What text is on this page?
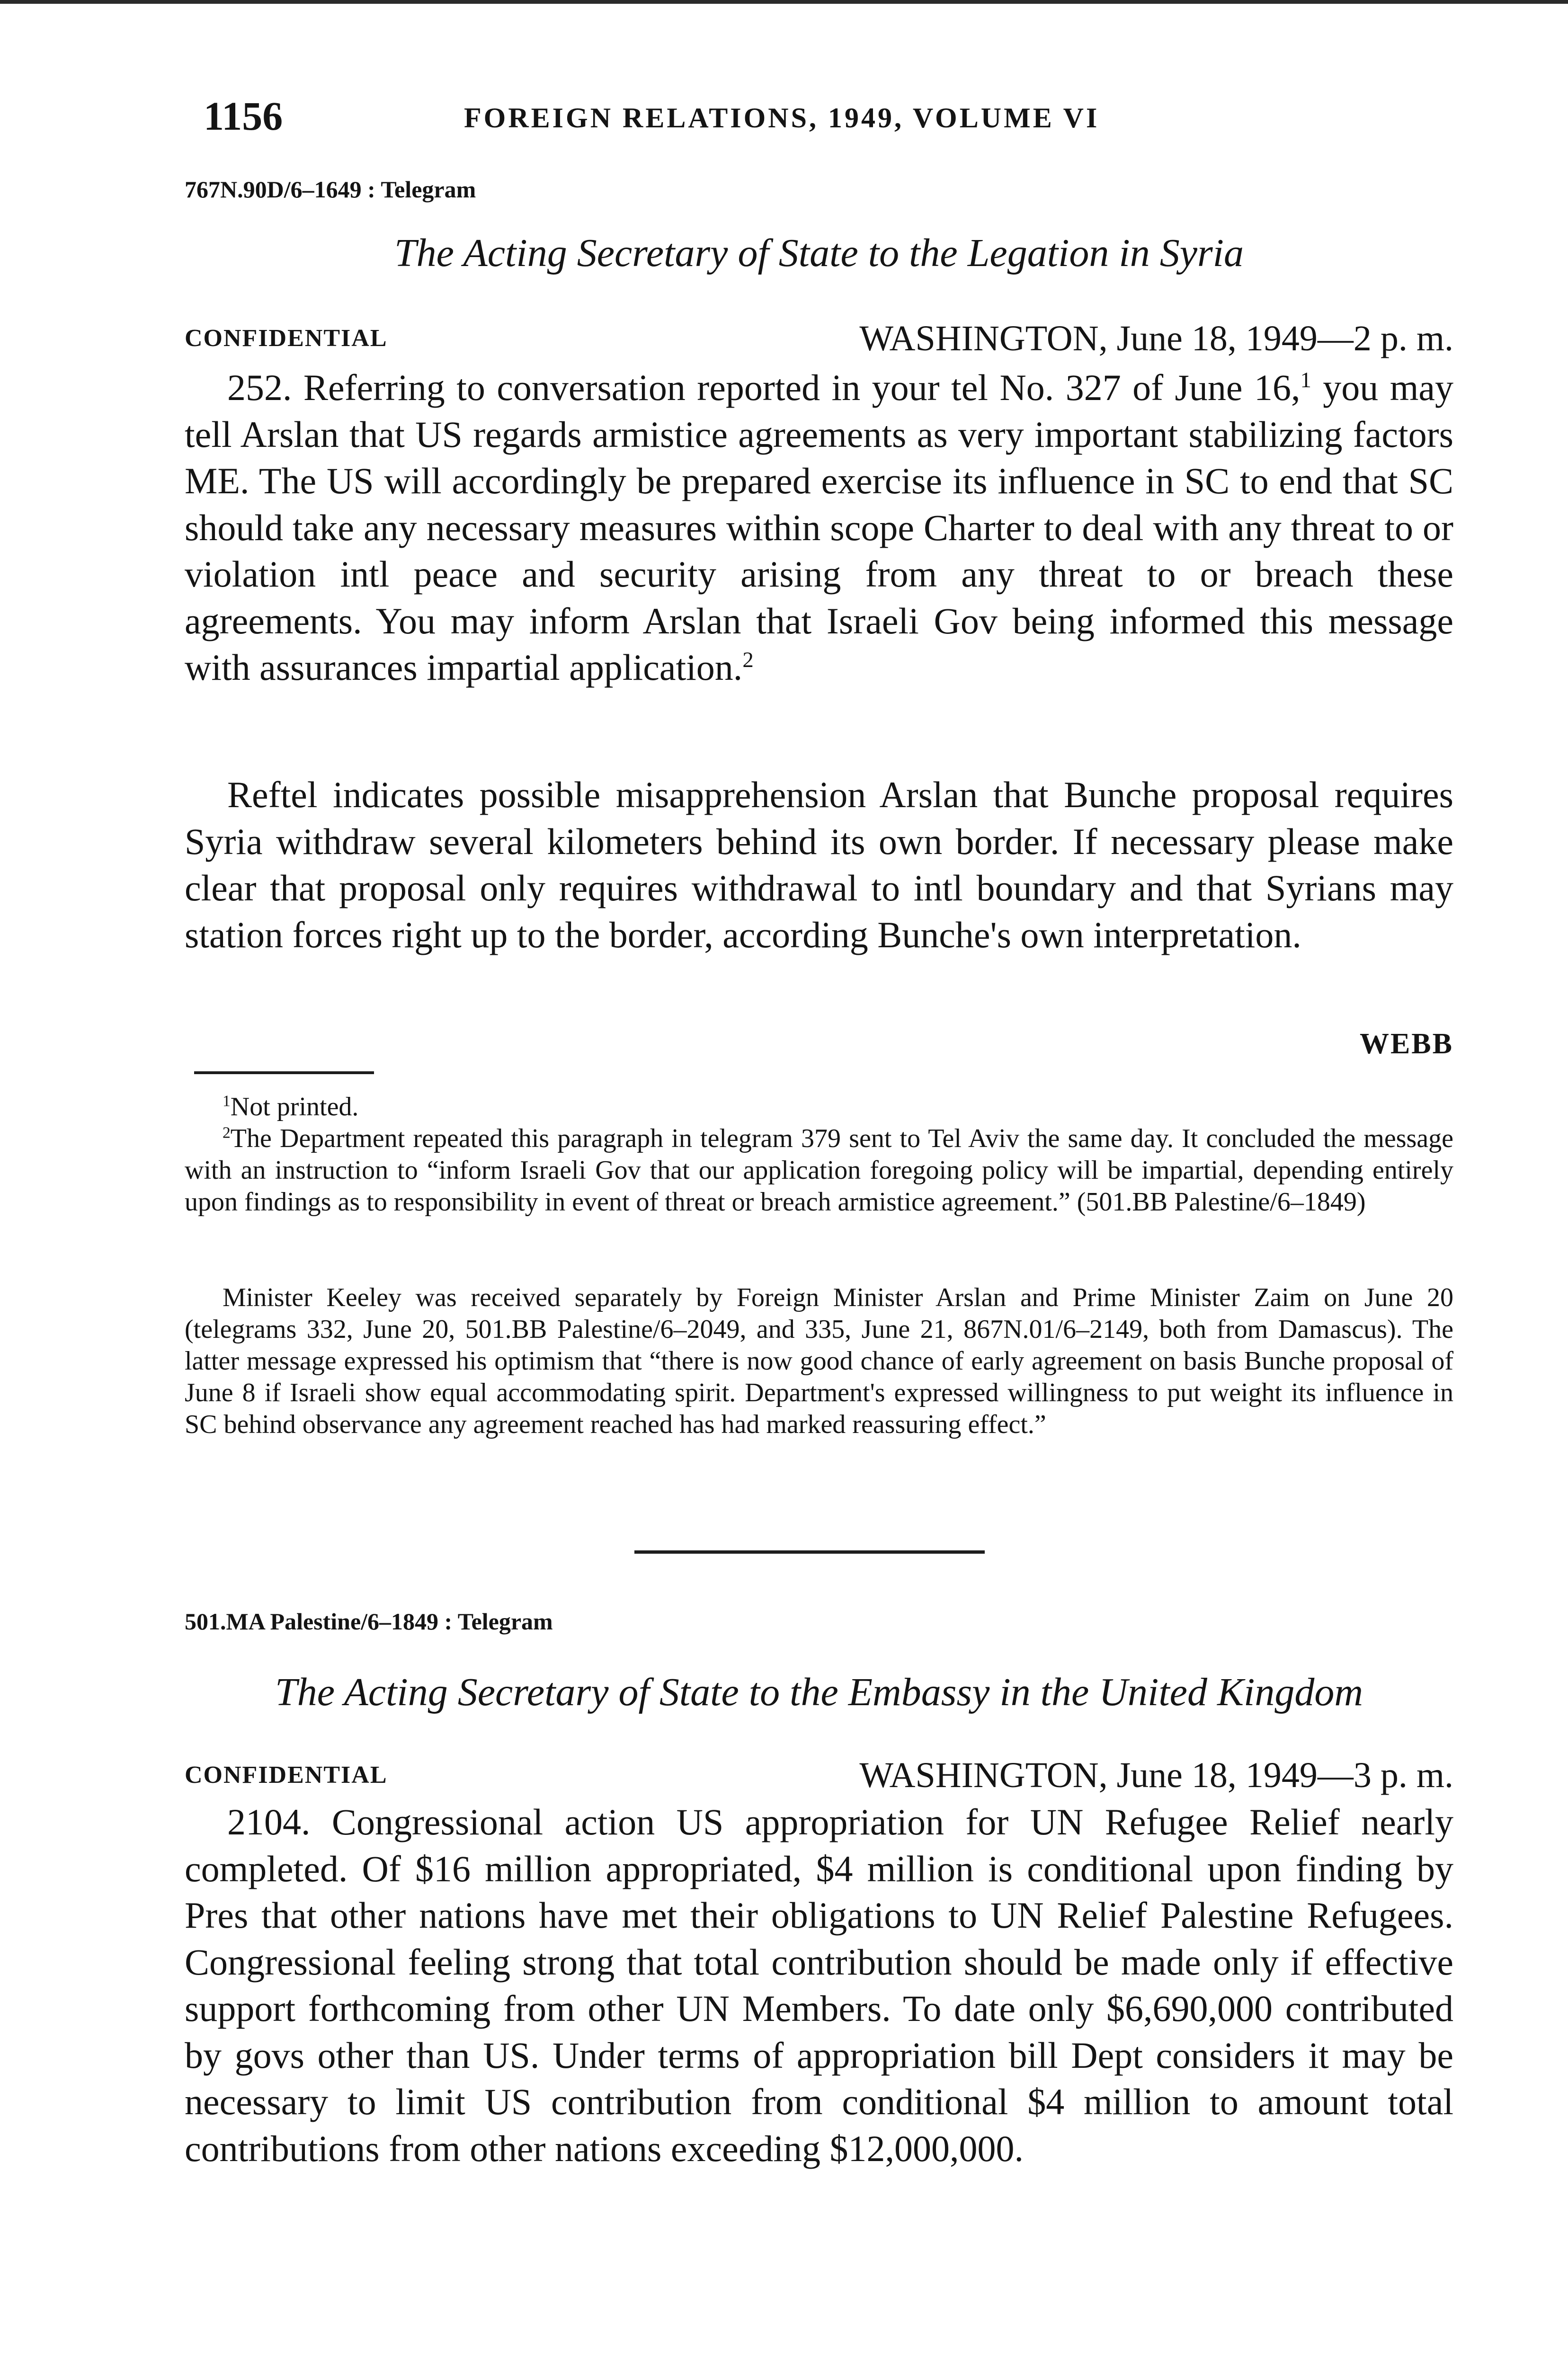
1156	FOREIGN RELATIONS, 1949, VOLUME VI
767N.90D/6–1649 : Telegram
The Acting Secretary of State to the Legation in Syria
CONFIDENTIAL	WASHINGTON, June 18, 1949—2 p. m.

252. Referring to conversation reported in your tel No. 327 of June 16,$^1$ you may tell Arslan that US regards armistice agreements as very important stabilizing factors ME. The US will accordingly be prepared exercise its influence in SC to end that SC should take any necessary measures within scope Charter to deal with any threat to or violation intl peace and security arising from any threat to or breach these agreements. You may inform Arslan that Israeli Gov being informed this message with assurances impartial application.$^2$

Reftel indicates possible misapprehension Arslan that Bunche proposal requires Syria withdraw several kilometers behind its own border. If necessary please make clear that proposal only requires withdrawal to intl boundary and that Syrians may station forces right up to the border, according Bunche's own interpretation.

WEBB

$^1$Not printed.

$^2$The Department repeated this paragraph in telegram 379 sent to Tel Aviv the same day. It concluded the message with an instruction to “inform Israeli Gov that our application foregoing policy will be impartial, depending entirely upon findings as to responsibility in event of threat or breach armistice agreement.” (501.BB Palestine/6–1849)

Minister Keeley was received separately by Foreign Minister Arslan and Prime Minister Zaim on June 20 (telegrams 332, June 20, 501.BB Palestine/6–2049, and 335, June 21, 867N.01/6–2149, both from Damascus). The latter message expressed his optimism that “there is now good chance of early agreement on basis Bunche proposal of June 8 if Israeli show equal accommodating spirit. Department's expressed willingness to put weight its influence in SC behind observance any agreement reached has had marked reassuring effect.”

501.MA Palestine/6–1849 : Telegram
The Acting Secretary of State to the Embassy in the United Kingdom
CONFIDENTIAL	WASHINGTON, June 18, 1949—3 p. m.

2104. Congressional action US appropriation for UN Refugee Relief nearly completed. Of $16 million appropriated, $4 million is conditional upon finding by Pres that other nations have met their obligations to UN Relief Palestine Refugees. Congressional feeling strong that total contribution should be made only if effective support forthcoming from other UN Members. To date only $6,690,000 contributed by govs other than US. Under terms of appropriation bill Dept considers it may be necessary to limit US contribution from conditional $4 million to amount total contributions from other nations exceeding $12,000,000.
